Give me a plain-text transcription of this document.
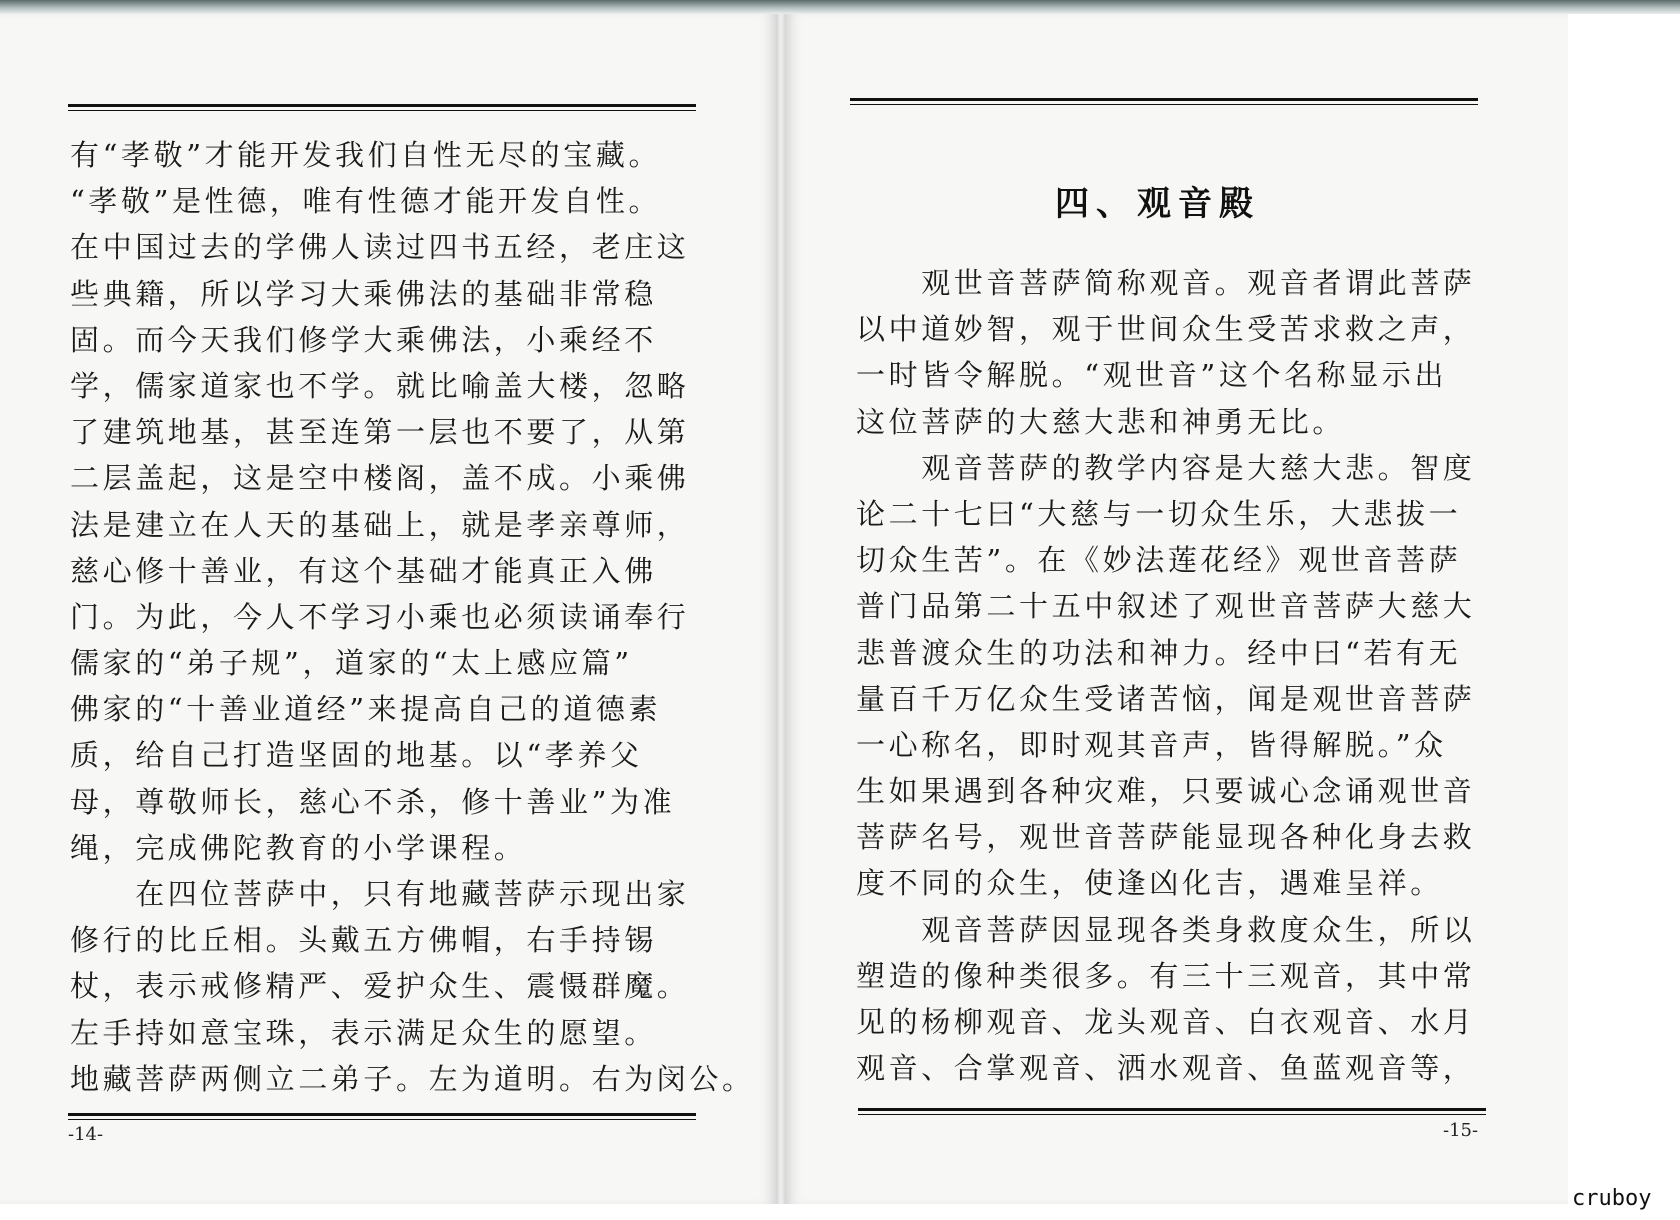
有“孝敬”才能开发我们自性无尽的宝藏。
“孝敬”是性德，唯有性德才能开发自性。
在中国过去的学佛人读过四书五经，老庄这
些典籍，所以学习大乘佛法的基础非常稳
固。而今天我们修学大乘佛法，小乘经不
学，儒家道家也不学。就比喻盖大楼，忽略
了建筑地基，甚至连第一层也不要了，从第
二层盖起，这是空中楼阁，盖不成。小乘佛
法是建立在人天的基础上，就是孝亲尊师，
慈心修十善业，有这个基础才能真正入佛
门。为此，今人不学习小乘也必须读诵奉行
儒家的“弟子规”，道家的“太上感应篇”
佛家的“十善业道经”来提高自己的道德素
质，给自己打造坚固的地基。以“孝养父
母，尊敬师长，慈心不杀，修十善业”为准
绳，完成佛陀教育的小学课程。
　　在四位菩萨中，只有地藏菩萨示现出家
修行的比丘相。头戴五方佛帽，右手持锡
杖，表示戒修精严、爱护众生、震慑群魔。
左手持如意宝珠，表示满足众生的愿望。
地藏菩萨两侧立二弟子。左为道明。右为闵公。
-14-
四、观音殿
　　观世音菩萨简称观音。观音者谓此菩萨
以中道妙智，观于世间众生受苦求救之声，
一时皆令解脱。“观世音”这个名称显示出
这位菩萨的大慈大悲和神勇无比。
　　观音菩萨的教学内容是大慈大悲。智度
论二十七曰“大慈与一切众生乐，大悲拔一
切众生苦”。在《妙法莲花经》观世音菩萨
普门品第二十五中叙述了观世音菩萨大慈大
悲普渡众生的功法和神力。经中曰“若有无
量百千万亿众生受诸苦恼，闻是观世音菩萨
一心称名，即时观其音声，皆得解脱。”众
生如果遇到各种灾难，只要诚心念诵观世音
菩萨名号，观世音菩萨能显现各种化身去救
度不同的众生，使逢凶化吉，遇难呈祥。
　　观音菩萨因显现各类身救度众生，所以
塑造的像种类很多。有三十三观音，其中常
见的杨柳观音、龙头观音、白衣观音、水月
观音、合掌观音、洒水观音、鱼蓝观音等，
-15-
cruboy
